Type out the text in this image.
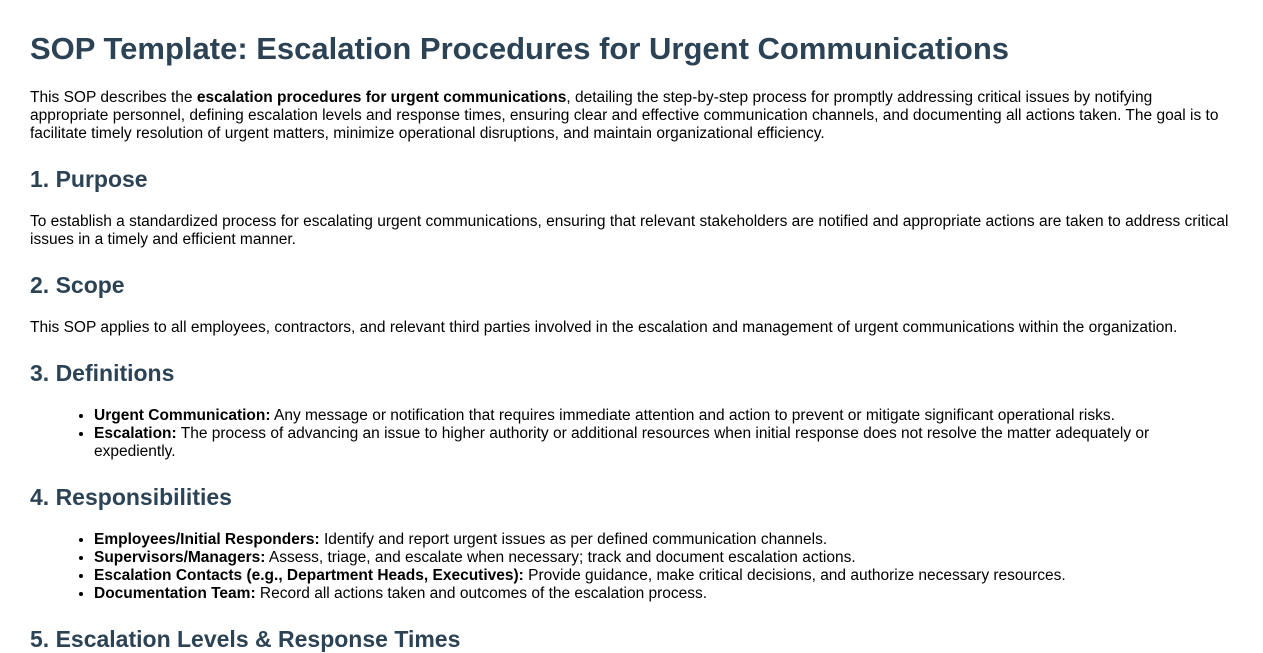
SOP Template: Escalation Procedures for Urgent Communications

This SOP describes the escalation procedures for urgent communications, detailing the step-by-step process for promptly addressing critical issues by notifying appropriate personnel, defining escalation levels and response times, ensuring clear and effective communication channels, and documenting all actions taken. The goal is to facilitate timely resolution of urgent matters, minimize operational disruptions, and maintain organizational efficiency.

1. Purpose

To establish a standardized process for escalating urgent communications, ensuring that relevant stakeholders are notified and appropriate actions are taken to address critical issues in a timely and efficient manner.

2. Scope

This SOP applies to all employees, contractors, and relevant third parties involved in the escalation and management of urgent communications within the organization.

3. Definitions
• Urgent Communication: Any message or notification that requires immediate attention and action to prevent or mitigate significant operational risks.
• Escalation: The process of advancing an issue to higher authority or additional resources when initial response does not resolve the matter adequately or expediently.
4. Responsibilities
• Employees/Initial Responders: Identify and report urgent issues as per defined communication channels.
• Supervisors/Managers: Assess, triage, and escalate when necessary; track and document escalation actions.
• Escalation Contacts (e.g., Department Heads, Executives): Provide guidance, make critical decisions, and authorize necessary resources.
• Documentation Team: Record all actions taken and outcomes of the escalation process.
5. Escalation Levels & Response Times
